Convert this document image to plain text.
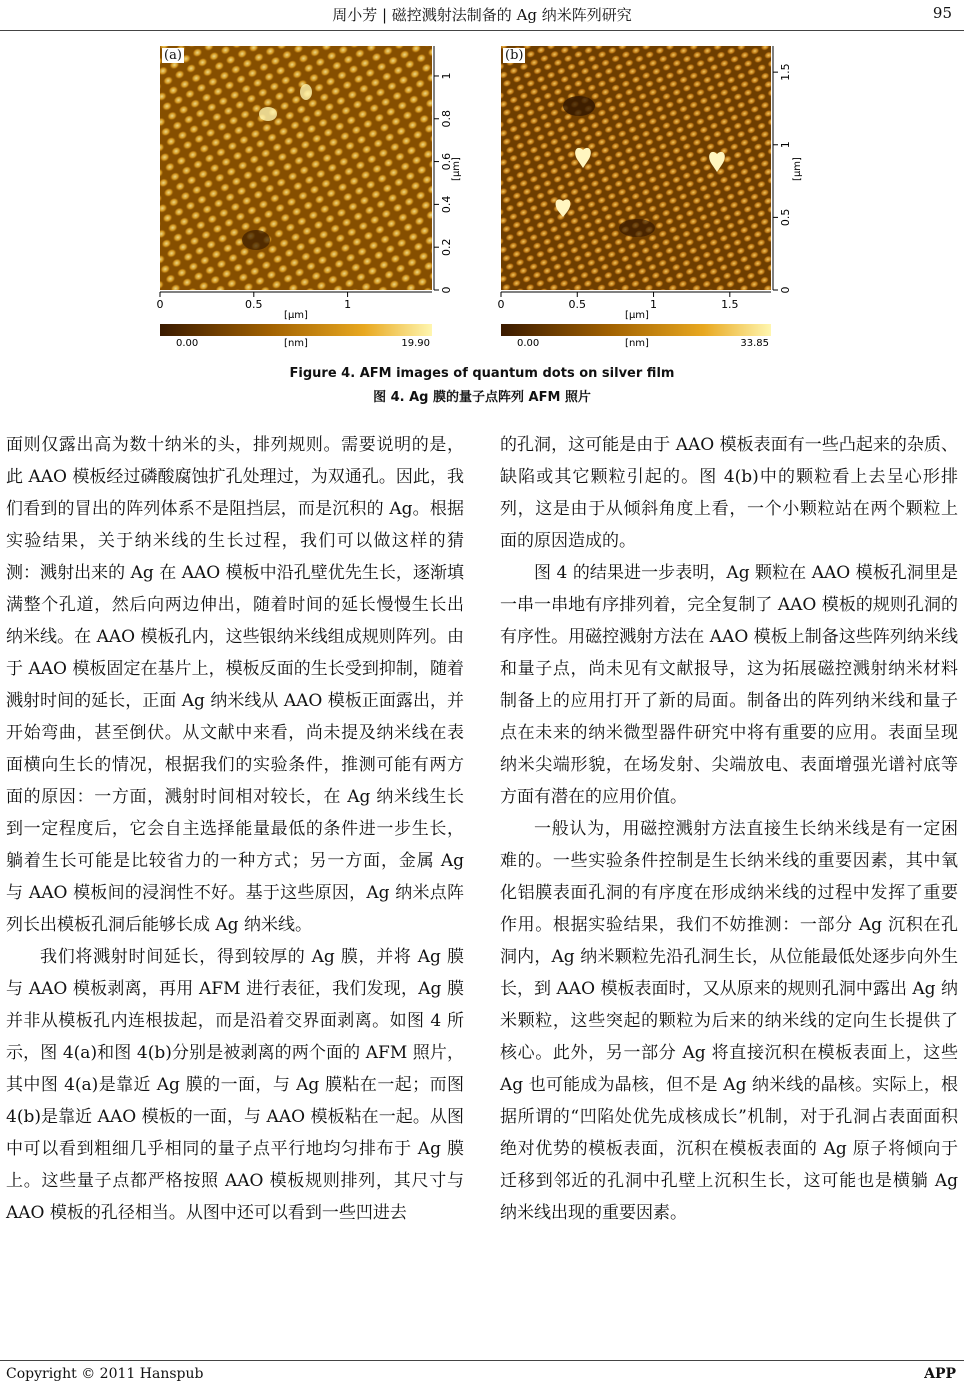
周小芳 | 磁控溅射法制备的 Ag 纳米阵列研究	95
(a)
0
0.2
0.4
0.6
0.8
1
0	0.5	1
[μm]
[μm]
0.00	[nm]	19.90
(b)
0
0.5
1
1.5
0	0.5	1	1.5
[μm]
[μm]
0.00	[nm]	33.85
Figure 4. AFM images of quantum dots on silver film
图 4. Ag 膜的量子点阵列 AFM 照片

面则仅露出高为数十纳米的头，排列规则。需要说明的是，此 AAO 模板经过磷酸腐蚀扩孔处理过，为双通孔。因此，我们看到的冒出的阵列体系不是阻挡层，而是沉积的 Ag。根据实验结果，关于纳米线的生长过程，我们可以做这样的猜测：溅射出来的 Ag 在 AAO 模板中沿孔壁优先生长，逐渐填满整个孔道，然后向两边伸出，随着时间的延长慢慢生长出纳米线。在 AAO 模板孔内，这些银纳米线组成规则阵列。由于 AAO 模板固定在基片上，模板反面的生长受到抑制，随着溅射时间的延长，正面 Ag 纳米线从 AAO 模板正面露出，并开始弯曲，甚至倒伏。从文献中来看，尚未提及纳米线在表面横向生长的情况，根据我们的实验条件，推测可能有两方面的原因：一方面，溅射时间相对较长，在 Ag 纳米线生长到一定程度后，它会自主选择能量最低的条件进一步生长，躺着生长可能是比较省力的一种方式；另一方面，金属 Ag 与 AAO 模板间的浸润性不好。基于这些原因，Ag 纳米点阵列长出模板孔洞后能够长成 Ag 纳米线。

我们将溅射时间延长，得到较厚的 Ag 膜，并将 Ag 膜与 AAO 模板剥离，再用 AFM 进行表征，我们发现，Ag 膜并非从模板孔内连根拔起，而是沿着交界面剥离。如图 4 所示，图 4(a)和图 4(b)分别是被剥离的两个面的 AFM 照片，其中图 4(a)是靠近 Ag 膜的一面，与 Ag 膜粘在一起；而图 4(b)是靠近 AAO 模板的一面，与 AAO 模板粘在一起。从图中可以看到粗细几乎相同的量子点平行地均匀排布于 Ag 膜上。这些量子点都严格按照 AAO 模板规则排列，其尺寸与 AAO 模板的孔径相当。从图中还可以看到一些凹进去

的孔洞，这可能是由于 AAO 模板表面有一些凸起来的杂质、缺陷或其它颗粒引起的。图 4(b)中的颗粒看上去呈心形排列，这是由于从倾斜角度上看，一个小颗粒站在两个颗粒上面的原因造成的。

图 4 的结果进一步表明，Ag 颗粒在 AAO 模板孔洞里是一串一串地有序排列着，完全复制了 AAO 模板的规则孔洞的有序性。用磁控溅射方法在 AAO 模板上制备这些阵列纳米线和量子点，尚未见有文献报导，这为拓展磁控溅射纳米材料制备上的应用打开了新的局面。制备出的阵列纳米线和量子点在未来的纳米微型器件研究中将有重要的应用。表面呈现纳米尖端形貌，在场发射、尖端放电、表面增强光谱衬底等方面有潜在的应用价值。

一般认为，用磁控溅射方法直接生长纳米线是有一定困难的。一些实验条件控制是生长纳米线的重要因素，其中氧化铝膜表面孔洞的有序度在形成纳米线的过程中发挥了重要作用。根据实验结果，我们不妨推测：一部分 Ag 沉积在孔洞内，Ag 纳米颗粒先沿孔洞生长，从位能最低处逐步向外生长，到 AAO 模板表面时，又从原来的规则孔洞中露出 Ag 纳米颗粒，这些突起的颗粒为后来的纳米线的定向生长提供了核心。此外，另一部分 Ag 将直接沉积在模板表面上，这些 Ag 也可能成为晶核，但不是 Ag 纳米线的晶核。实际上，根据所谓的“凹陷处优先成核成长”机制，对于孔洞占表面面积绝对优势的模板表面，沉积在模板表面的 Ag 原子将倾向于迁移到邻近的孔洞中孔壁上沉积生长，这可能也是横躺 Ag 纳米线出现的重要因素。

Copyright © 2011 Hanspub	APP
